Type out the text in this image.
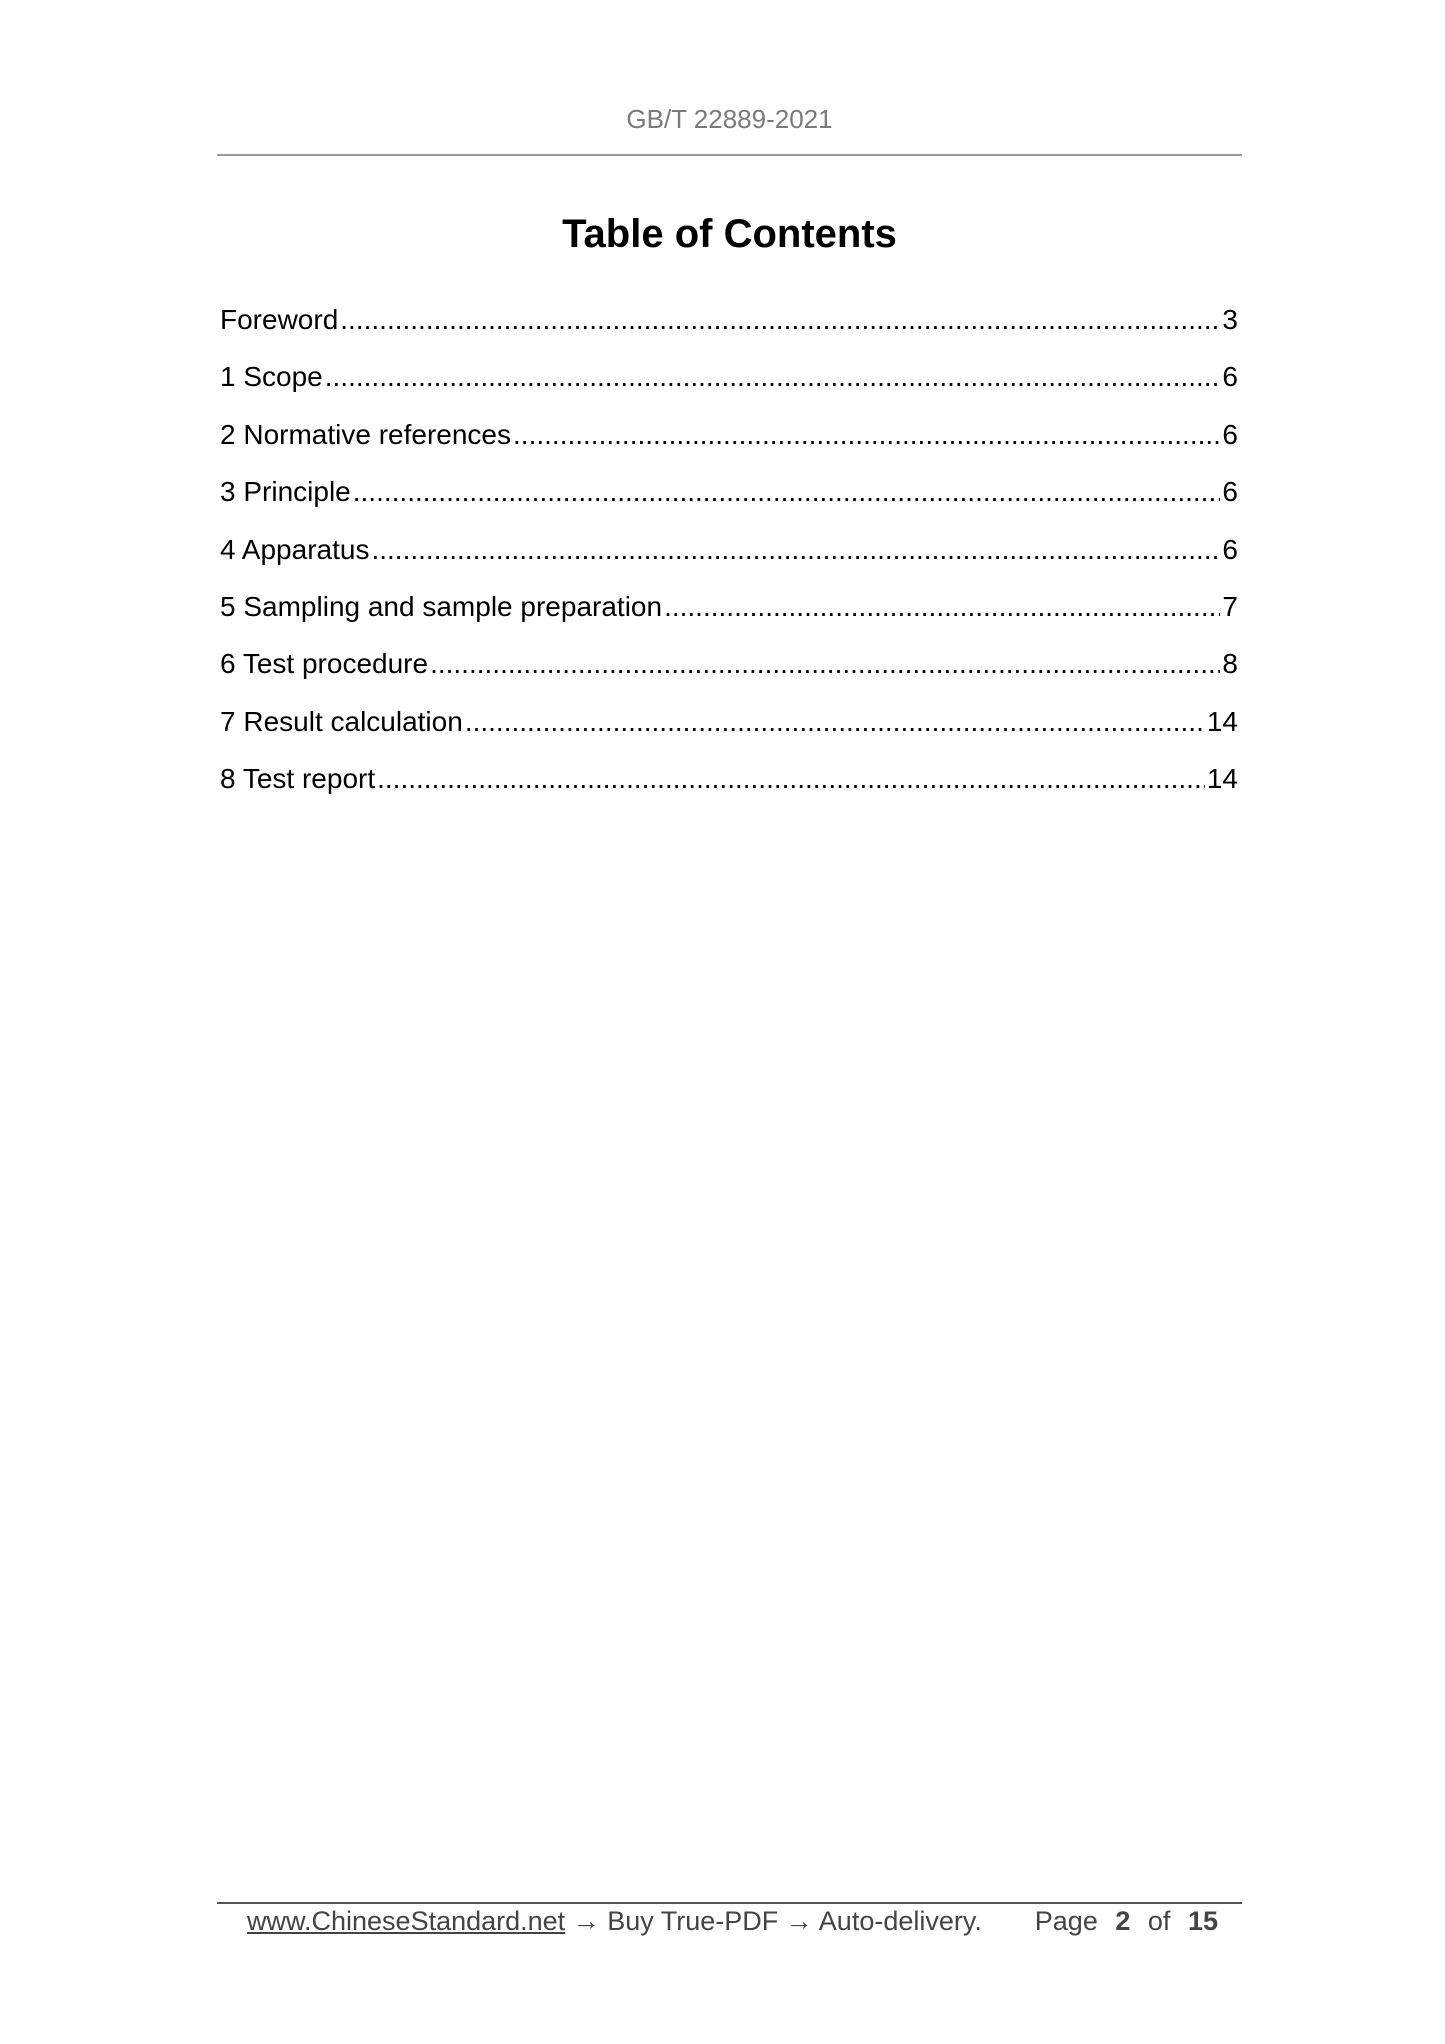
GB/T 22889-2021
Table of Contents
Foreword .....	3
1 Scope .....	6
2 Normative references .....	6
3 Principle .....	6
4 Apparatus .....	6
5 Sampling and sample preparation .....	7
6 Test procedure .....	8
7 Result calculation .....	14
8 Test report .....	14
www.ChineseStandard.net → Buy True-PDF → Auto-delivery. Page 2 of 15
